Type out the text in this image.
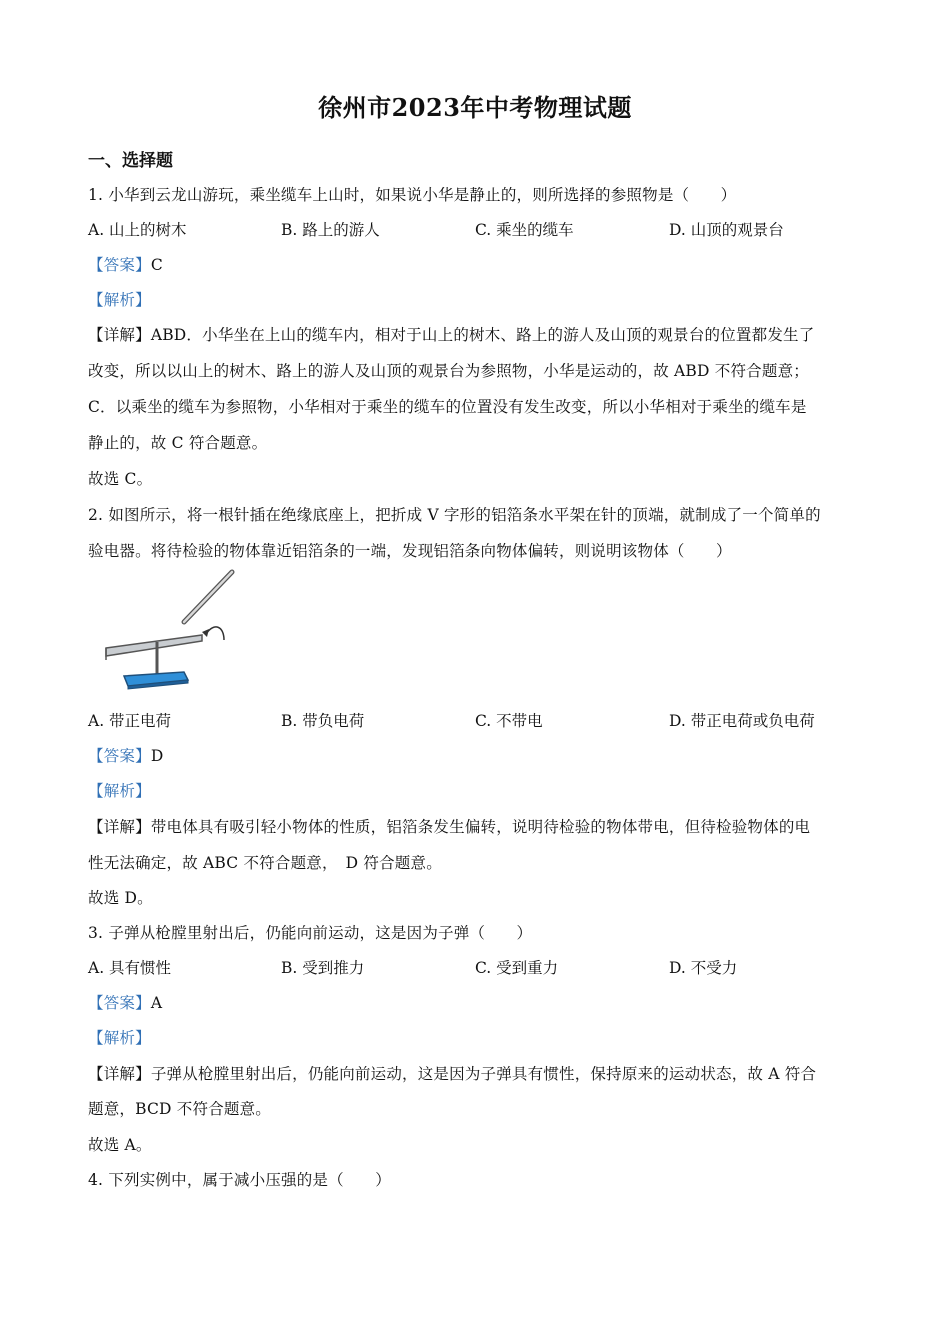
徐州市2023年中考物理试题
一、选择题
1. 小华到云龙山游玩，乘坐缆车上山时，如果说小华是静止的，则所选择的参照物是（　　）
A. 山上的树木	B. 路上的游人	C. 乘坐的缆车	D. 山顶的观景台
【答案】C
【解析】
【详解】ABD．小华坐在上山的缆车内，相对于山上的树木、路上的游人及山顶的观景台的位置都发生了
改变，所以以山上的树木、路上的游人及山顶的观景台为参照物，小华是运动的，故 ABD 不符合题意；
C．以乘坐的缆车为参照物，小华相对于乘坐的缆车的位置没有发生改变，所以小华相对于乘坐的缆车是
静止的，故 C 符合题意。
故选 C。
2. 如图所示，将一根针插在绝缘底座上，把折成 V 字形的铝箔条水平架在针的顶端，就制成了一个简单的
验电器。将待检验的物体靠近铝箔条的一端，发现铝箔条向物体偏转，则说明该物体（　　）
A. 带正电荷	B. 带负电荷	C. 不带电	D. 带正电荷或负电荷
【答案】D
【解析】
【详解】带电体具有吸引轻小物体的性质，铝箔条发生偏转，说明待检验的物体带电，但待检验物体的电
性无法确定，故 ABC 不符合题意，　D 符合题意。
故选 D。
3. 子弹从枪膛里射出后，仍能向前运动，这是因为子弹（　　）
A. 具有惯性	B. 受到推力	C. 受到重力	D. 不受力
【答案】A
【解析】
【详解】子弹从枪膛里射出后，仍能向前运动，这是因为子弹具有惯性，保持原来的运动状态，故 A 符合
题意，BCD 不符合题意。
故选 A。
4. 下列实例中，属于减小压强的是（　　）
